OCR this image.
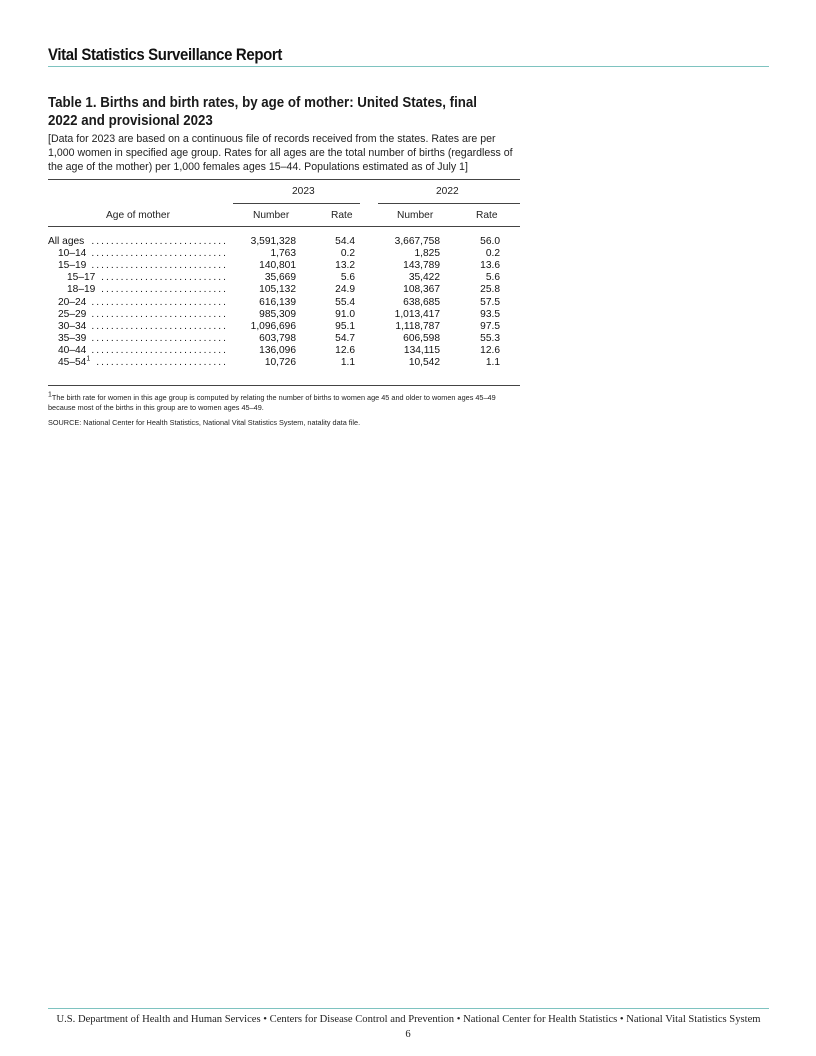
Vital Statistics Surveillance Report
Table 1. Births and birth rates, by age of mother: United States, final 2022 and provisional 2023
[Data for 2023 are based on a continuous file of records received from the states. Rates are per 1,000 women in specified age group. Rates for all ages are the total number of births (regardless of the age of the mother) per 1,000 females ages 15–44. Populations estimated as of July 1]
2023	2022
Age of mother	Number	Rate	Number	Rate
All ages ............................ 3,591,328	54.4	3,667,758	56.0
10–14 ............................	1,763	0.2	1,825	0.2
15–19 ............................	140,801	13.2	143,789	13.6
15–17 ..........................	35,669	5.6	35,422	5.6
18–19 ..........................	105,132	24.9	108,367	25.8
20–24 ............................	616,139	55.4	638,685	57.5
25–29 ............................	985,309	91.0	1,013,417	93.5
30–34 ............................ 1,096,696	95.1	1,118,787	97.5
35–39 ............................	603,798	54.7	606,598	55.3
40–44 ............................	136,096	12.6	134,115	12.6
$45-54^1$ ...........................	10,726	1.1	10,542	1.1
$^1$The birth rate for women in this age group is computed by relating the number of births to women age 45 and older to women ages 45–49 because most of the births in this group are to women ages 45–49.
SOURCE: National Center for Health Statistics, National Vital Statistics System, natality data file.
U.S. Department of Health and Human Services • Centers for Disease Control and Prevention • National Center for Health Statistics • National Vital Statistics System
6
